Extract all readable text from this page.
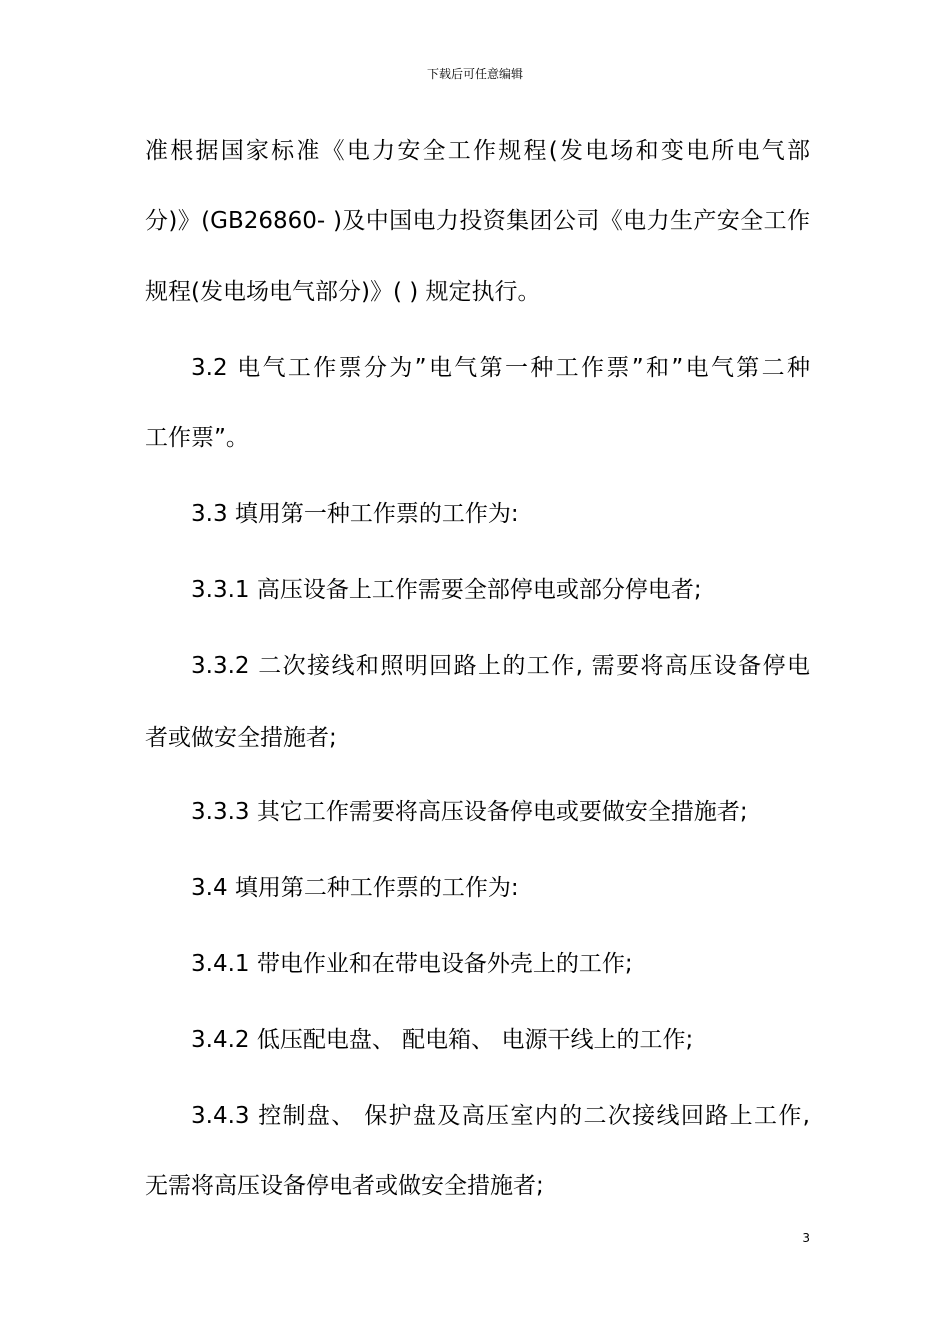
下载后可任意编辑
准根据国家标准《电力安全工作规程(发电场和变电所电气部
分)》(GB26860- )及中国电力投资集团公司《电力生产安全工作
规程(发电场电气部分)》( ) 规定执行。
3.2 电气工作票分为”电气第一种工作票”和”电气第二种
工作票”。
3.3 填用第一种工作票的工作为:
3.3.1 高压设备上工作需要全部停电或部分停电者;
3.3.2 二次接线和照明回路上的工作, 需要将高压设备停电
者或做安全措施者;
3.3.3 其它工作需要将高压设备停电或要做安全措施者;
3.4 填用第二种工作票的工作为:
3.4.1 带电作业和在带电设备外壳上的工作;
3.4.2 低压配电盘、 配电箱、 电源干线上的工作;
3.4.3 控制盘、 保护盘及高压室内的二次接线回路上工作,
无需将高压设备停电者或做安全措施者;
3
